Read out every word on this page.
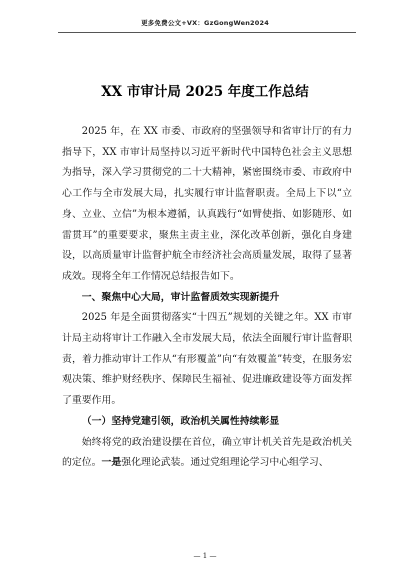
更多免费公文+VX：GzGongWen2024
XX 市审计局 2025 年度工作总结

2025 年，在 XX 市委、市政府的坚强领导和省审计厅的有力指导下，XX 市审计局坚持以习近平新时代中国特色社会主义思想为指导，深入学习贯彻党的二十大精神，紧密围绕市委、市政府中心工作与全市发展大局，扎实履行审计监督职责。全局上下以“立身、立业、立信”为根本遵循，认真践行“如臂使指、如影随形、如雷贯耳”的重要要求，聚焦主责主业，深化改革创新，强化自身建设，以高质量审计监督护航全市经济社会高质量发展，取得了显著成效。现将全年工作情况总结报告如下。

一、聚焦中心大局，审计监督质效实现新提升

2025 年是全面贯彻落实“十四五”规划的关键之年。XX 市审计局主动将审计工作融入全市发展大局，依法全面履行审计监督职责，着力推动审计工作从“有形覆盖”向“有效覆盖”转变，在服务宏观决策、维护财经秩序、保障民生福祉、促进廉政建设等方面发挥了重要作用。

（一）坚持党建引领，政治机关属性持续彰显

始终将党的政治建设摆在首位，确立审计机关首先是政治机关的定位。一是强化理论武装。通过党组理论学习中心组学习、

— 1 —
